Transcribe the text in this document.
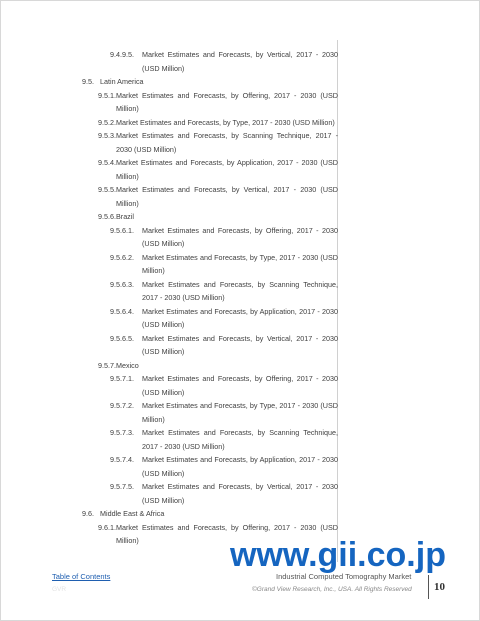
9.4.9.5. Market Estimates and Forecasts, by Vertical, 2017 - 2030 (USD Million)
9.5. Latin America
9.5.1. Market Estimates and Forecasts, by Offering, 2017 - 2030 (USD Million)
9.5.2. Market Estimates and Forecasts, by Type, 2017 - 2030 (USD Million)
9.5.3. Market Estimates and Forecasts, by Scanning Technique, 2017 - 2030 (USD Million)
9.5.4. Market Estimates and Forecasts, by Application, 2017 - 2030 (USD Million)
9.5.5. Market Estimates and Forecasts, by Vertical, 2017 - 2030 (USD Million)
9.5.6. Brazil
9.5.6.1. Market Estimates and Forecasts, by Offering, 2017 - 2030 (USD Million)
9.5.6.2. Market Estimates and Forecasts, by Type, 2017 - 2030 (USD Million)
9.5.6.3. Market Estimates and Forecasts, by Scanning Technique, 2017 - 2030 (USD Million)
9.5.6.4. Market Estimates and Forecasts, by Application, 2017 - 2030 (USD Million)
9.5.6.5. Market Estimates and Forecasts, by Vertical, 2017 - 2030 (USD Million)
9.5.7. Mexico
9.5.7.1. Market Estimates and Forecasts, by Offering, 2017 - 2030 (USD Million)
9.5.7.2. Market Estimates and Forecasts, by Type, 2017 - 2030 (USD Million)
9.5.7.3. Market Estimates and Forecasts, by Scanning Technique, 2017 - 2030 (USD Million)
9.5.7.4. Market Estimates and Forecasts, by Application, 2017 - 2030 (USD Million)
9.5.7.5. Market Estimates and Forecasts, by Vertical, 2017 - 2030 (USD Million)
9.6. Middle East & Africa
9.6.1. Market Estimates and Forecasts, by Offering, 2017 - 2030 (USD Million)	www.gii.co.jp
Table of Contents
GVR
Industrial Computed Tomography Market
©Grand View Research, Inc., USA. All Rights Reserved 10
